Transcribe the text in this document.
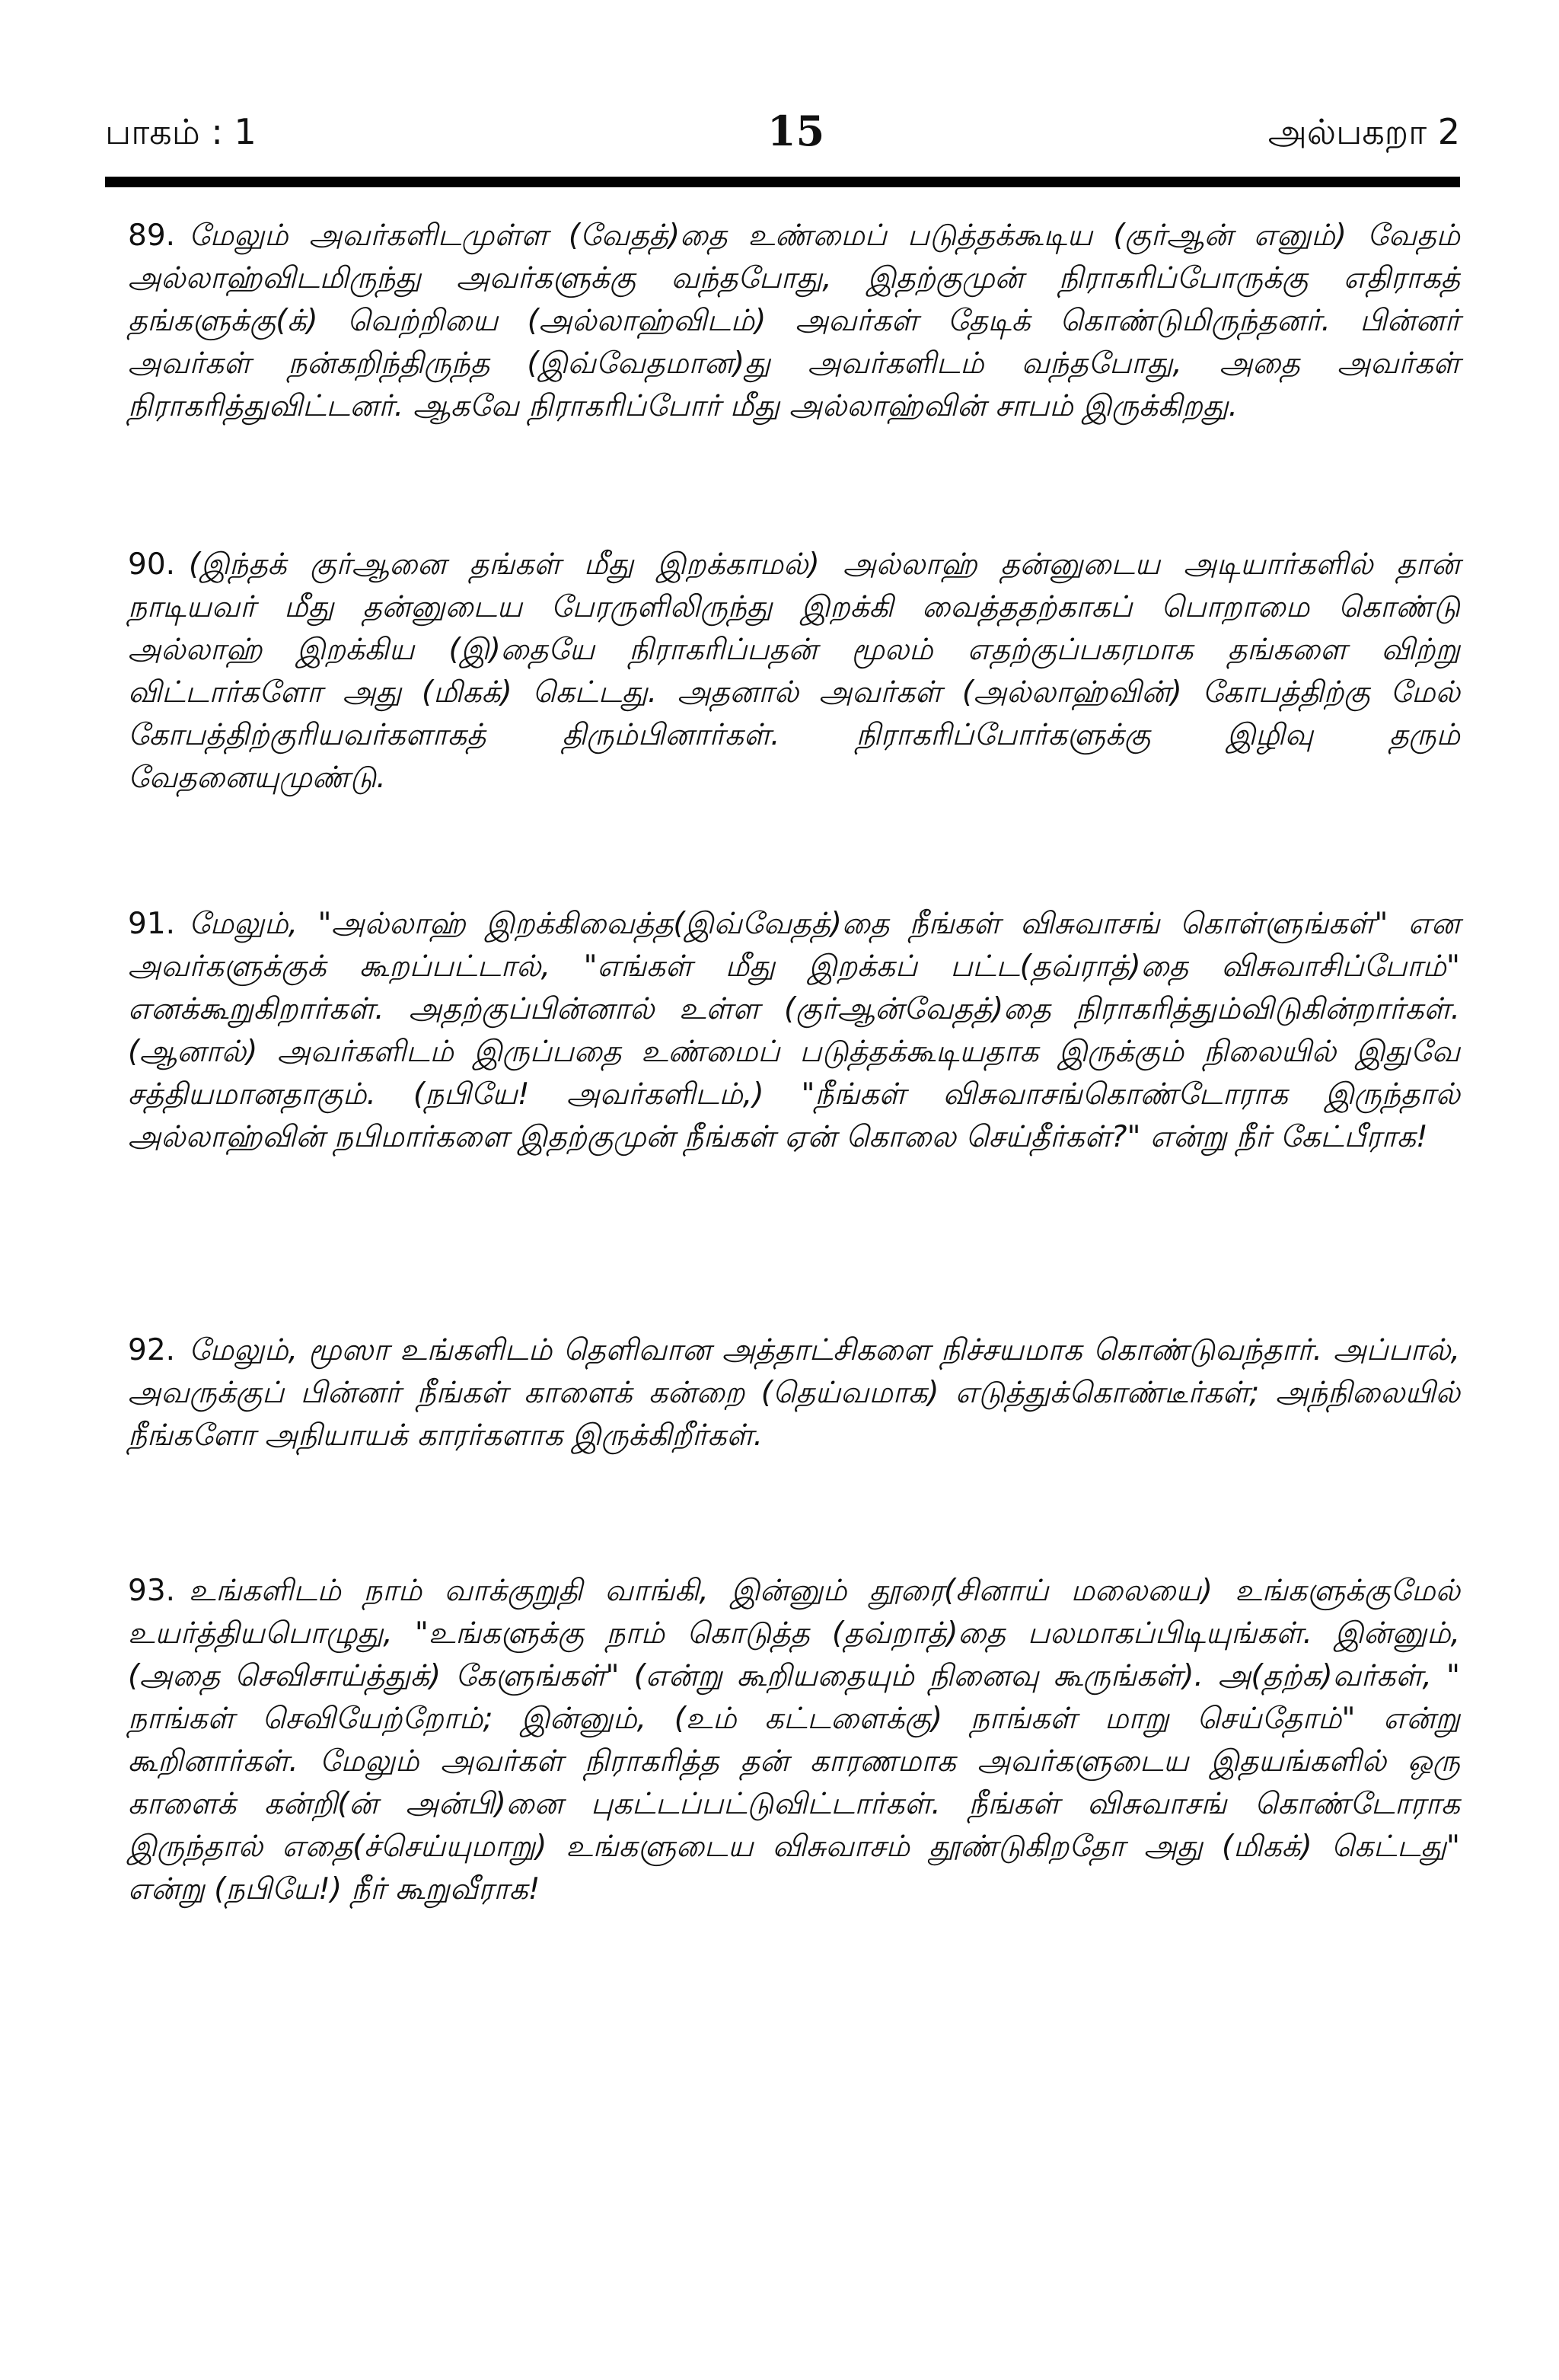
பாகம் : 1	15	அல்பகறா 2

89. மேலும் அவர்களிடமுள்ள (வேதத்)தை உண்மைப் படுத்தக்கூடிய (குர்ஆன் எனும்) வேதம் அல்லாஹ்விடமிருந்து அவர்களுக்கு வந்தபோது, இதற்குமுன் நிராகரிப்போருக்கு எதிராகத் தங்களுக்கு(க்) வெற்றியை (அல்லாஹ்விடம்) அவர்கள் தேடிக் கொண்டுமிருந்தனர். பின்னர் அவர்கள் நன்கறிந்திருந்த (இவ்வேதமான)து அவர்களிடம் வந்தபோது, அதை அவர்கள் நிராகரித்துவிட்டனர். ஆகவே நிராகரிப்போர் மீது அல்லாஹ்வின் சாபம் இருக்கிறது.

90. (இந்தக் குர்ஆனை தங்கள் மீது இறக்காமல்) அல்லாஹ் தன்னுடைய அடியார்களில் தான் நாடியவர் மீது தன்னுடைய பேரருளிலிருந்து இறக்கி வைத்ததற்காகப் பொறாமை கொண்டு அல்லாஹ் இறக்கிய (இ)தையே நிராகரிப்பதன் மூலம் எதற்குப்பகரமாக தங்களை விற்று விட்டார்களோ அது (மிகக்) கெட்டது. அதனால் அவர்கள் (அல்லாஹ்வின்) கோபத்திற்கு மேல் கோபத்திற்குரியவர்களாகத் திரும்பினார்கள். நிராகரிப்போர்களுக்கு இழிவு தரும் வேதனையுமுண்டு.

91. மேலும், "அல்லாஹ் இறக்கிவைத்த(இவ்வேதத்)தை நீங்கள் விசுவாசங் கொள்ளுங்கள்" என அவர்களுக்குக் கூறப்பட்டால், "எங்கள் மீது இறக்கப் பட்ட(தவ்ராத்)தை விசுவாசிப்போம்" எனக்கூறுகிறார்கள். அதற்குப்பின்னால் உள்ள (குர்ஆன்வேதத்)தை நிராகரித்தும்விடுகின்றார்கள்.(ஆனால்) அவர்களிடம் இருப்பதை உண்மைப் படுத்தக்கூடியதாக இருக்கும் நிலையில் இதுவே சத்தியமானதாகும். (நபியே! அவர்களிடம்,) "நீங்கள் விசுவாசங்கொண்டோராக இருந்தால் அல்லாஹ்வின் நபிமார்களை இதற்குமுன் நீங்கள் ஏன் கொலை செய்தீர்கள்?" என்று நீர் கேட்பீராக!

92. மேலும், மூஸா உங்களிடம் தெளிவான அத்தாட்சிகளை நிச்சயமாக கொண்டுவந்தார். அப்பால், அவருக்குப் பின்னர் நீங்கள் காளைக் கன்றை (தெய்வமாக) எடுத்துக்கொண்டீர்கள்; அந்நிலையில் நீங்களோ அநியாயக் காரர்களாக இருக்கிறீர்கள்.

93. உங்களிடம் நாம் வாக்குறுதி வாங்கி, இன்னும் தூரை(சினாய் மலையை) உங்களுக்குமேல் உயர்த்தியபொழுது, "உங்களுக்கு நாம் கொடுத்த (தவ்றாத்)தை பலமாகப்பிடியுங்கள். இன்னும், (அதை செவிசாய்த்துக்) கேளுங்கள்" (என்று கூறியதையும் நினைவு கூருங்கள்). அ(தற்க)வர்கள், " நாங்கள் செவியேற்றோம்; இன்னும், (உம் கட்டளைக்கு) நாங்கள் மாறு செய்தோம்" என்று கூறினார்கள். மேலும் அவர்கள் நிராகரித்த தன் காரணமாக அவர்களுடைய இதயங்களில் ஒரு காளைக் கன்றி(ன் அன்பி)னை புகட்டப்பட்டுவிட்டார்கள். நீங்கள் விசுவாசங் கொண்டோராக இருந்தால் எதை(ச்செய்யுமாறு) உங்களுடைய விசுவாசம் தூண்டுகிறதோ அது (மிகக்) கெட்டது" என்று (நபியே!) நீர் கூறுவீராக!
